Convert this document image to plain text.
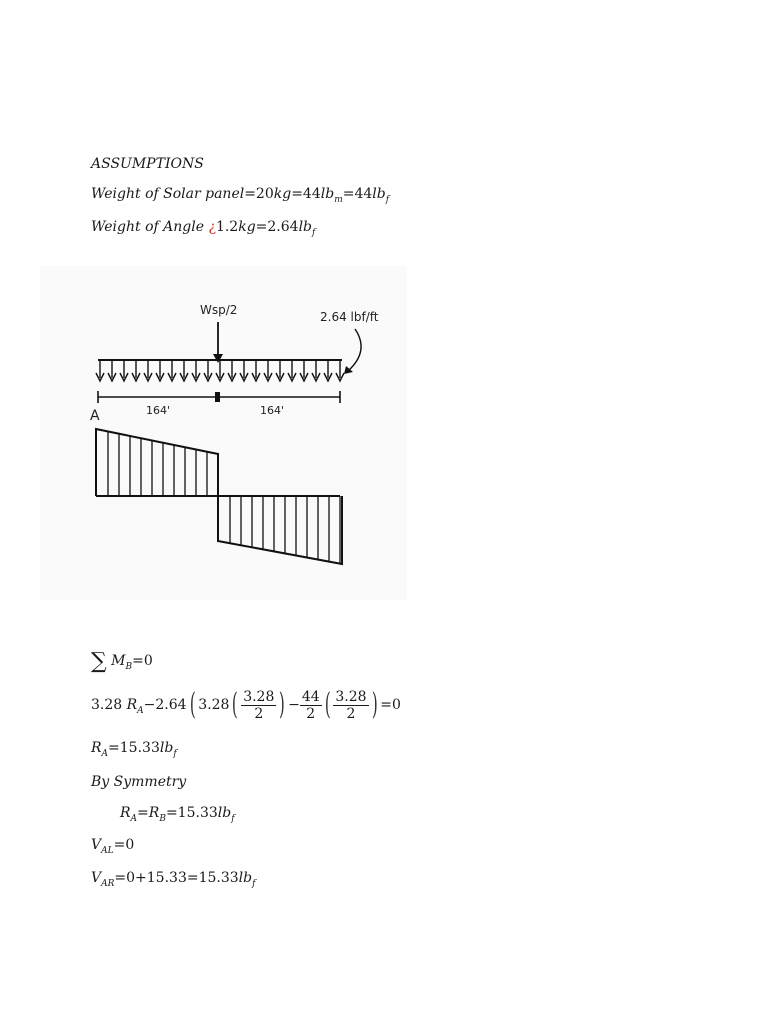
ASSUMPTIONS
Weight of Solar $panel=20kg=44lb_m=44lb_f$
Weight of Angle ¿$1.2kg=2.64lb_f$
Wsp/2	2.64 lbf/ft
164'	164'
A
∑ $M_B=0$
3.28 $R_A-2.64$( $3.28( \frac{3.28}{2}$ ) − $\frac{44}{2}$ ( $\frac{3.28}{2}$ ) =0
$R_A=15.33lb_f$
By Symmetry
$R_A=R_B=15.33lb_f$
$V_{AL}=0$
$V_{AR}=0+15.33=15.33lb_f$
